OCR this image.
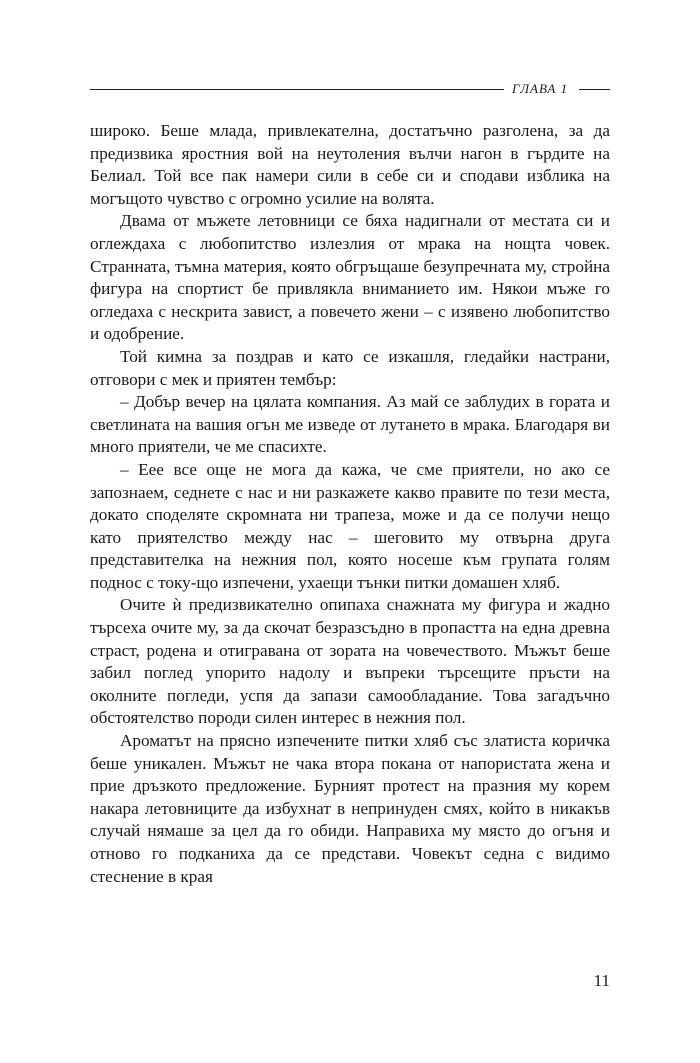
ГЛАВА 1

широко. Беше млада, привлекателна, достатъчно разголена, за да предизвика яростния вой на неутоления вълчи нагон в гърдите на Белиал. Той все пак намери сили в себе си и сподави изблика на могъщото чувство с огромно усилие на волята.

Двама от мъжете летовници се бяха надигнали от местата си и оглеждаха с любопитство излезлия от мрака на нощта човек. Странната, тъмна материя, която обгръщаше безупречната му, стройна фигура на спортист бе привлякла вниманието им. Някои мъже го огледаха с нескрита завист, а повечето жени – с изявено любопитство и одобрение.

Той кимна за поздрав и като се изкашля, гледайки настрани, отговори с мек и приятен тембър:

– Добър вечер на цялата компания. Аз май се заблудих в гората и светлината на вашия огън ме изведе от лутането в мрака. Благодаря ви много приятели, че ме спасихте.

– Еее все още не мога да кажа, че сме приятели, но ако се запознаем, седнете с нас и ни разкажете какво правите по тези места, докато споделяте скромната ни трапеза, може и да се получи нещо като приятелство между нас – шеговито му отвърна друга представителка на нежния пол, която носеше към групата голям поднос с току-що изпечени, ухаещи тънки питки домашен хляб.

Очите ѝ предизвикателно опипаха снажната му фигура и жадно търсеха очите му, за да скочат безразсъдно в пропастта на една древна страст, родена и отигравана от зората на човечеството. Мъжът беше забил поглед упорито надолу и въпреки търсещите пръсти на околните погледи, успя да запази самообладание. Това загадъчно обстоятелство породи силен интерес в нежния пол.

Ароматът на прясно изпечените питки хляб със златиста коричка беше уникален. Мъжът не чака втора покана от напористата жена и прие дръзкото предложение. Бурният протест на празния му корем накара летовниците да избухнат в непринуден смях, който в никакъв случай нямаше за цел да го обиди. Направиха му място до огъня и отново го подканиха да се представи. Човекът седна с видимо стеснение в края

11
